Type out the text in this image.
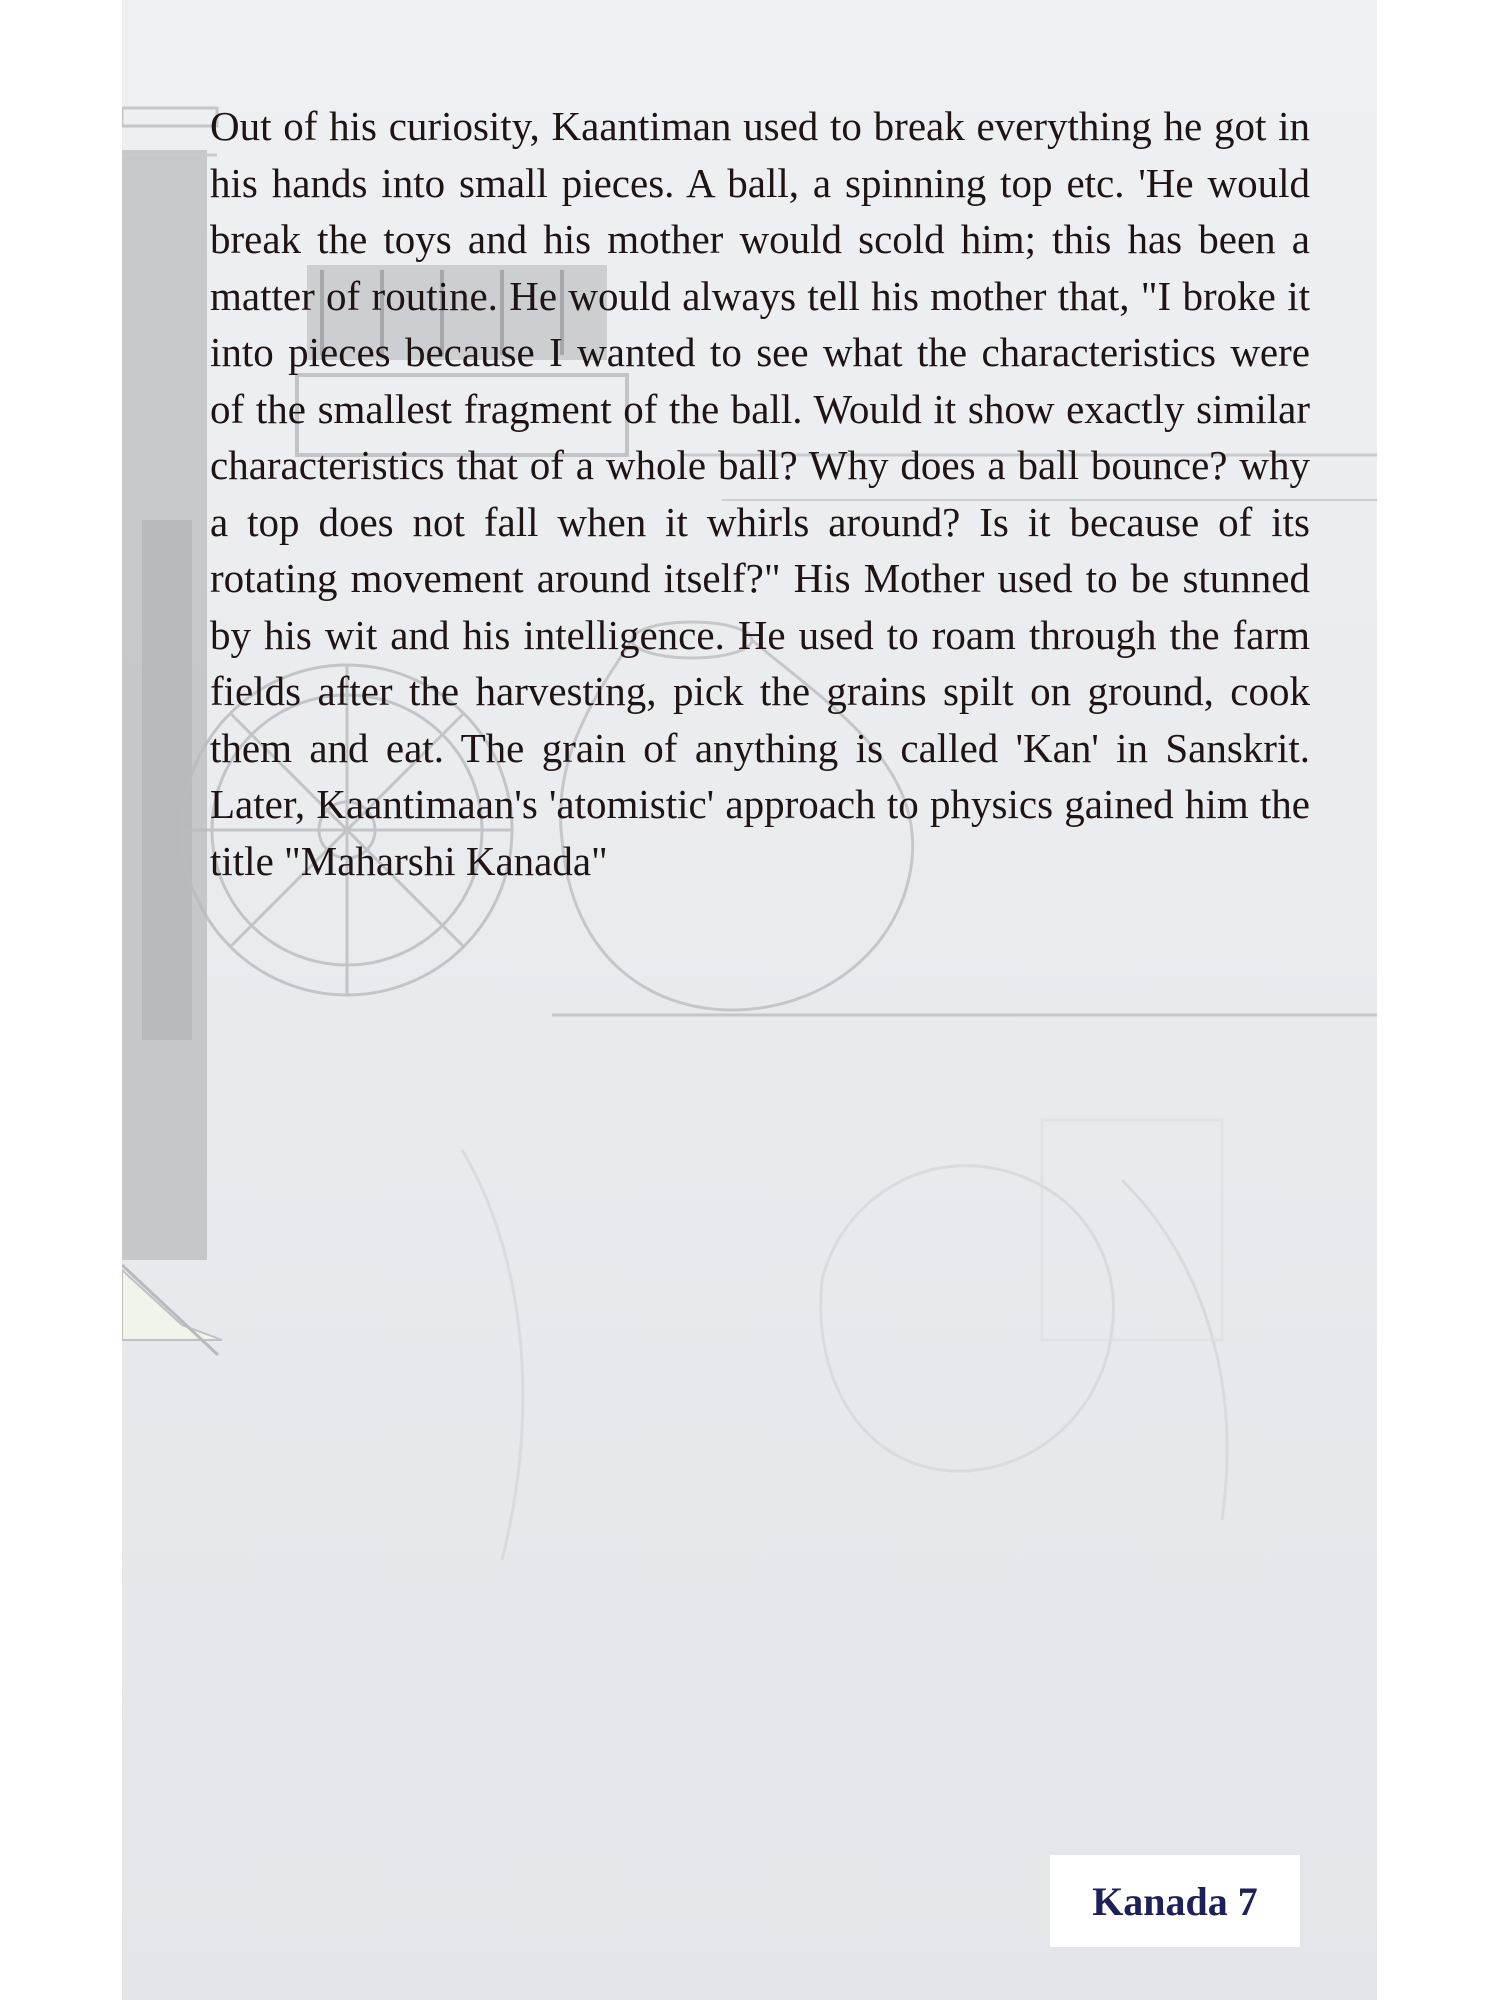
Out of his curiosity, Kaantiman used to break everything he got in his hands into small pieces. A ball, a spinning top etc. 'He would break the toys and his mother would scold him; this has been a matter of routine. He would always tell his mother that, "I broke it into pieces because I wanted to see what the characteristics were of the smallest fragment of the ball. Would it show exactly similar characteristics that of a whole ball? Why does a ball bounce? why a top does not fall when it whirls around? Is it because of its rotating movement around itself?" His Mother used to be stunned by his wit and his intelligence. He used to roam through the farm fields after the harvesting, pick the grains spilt on ground, cook them and eat. The grain of anything is called 'Kan' in Sanskrit. Later, Kaantimaan's 'atomistic' approach to physics gained him the title "Maharshi Kanada"

Kanada 7
